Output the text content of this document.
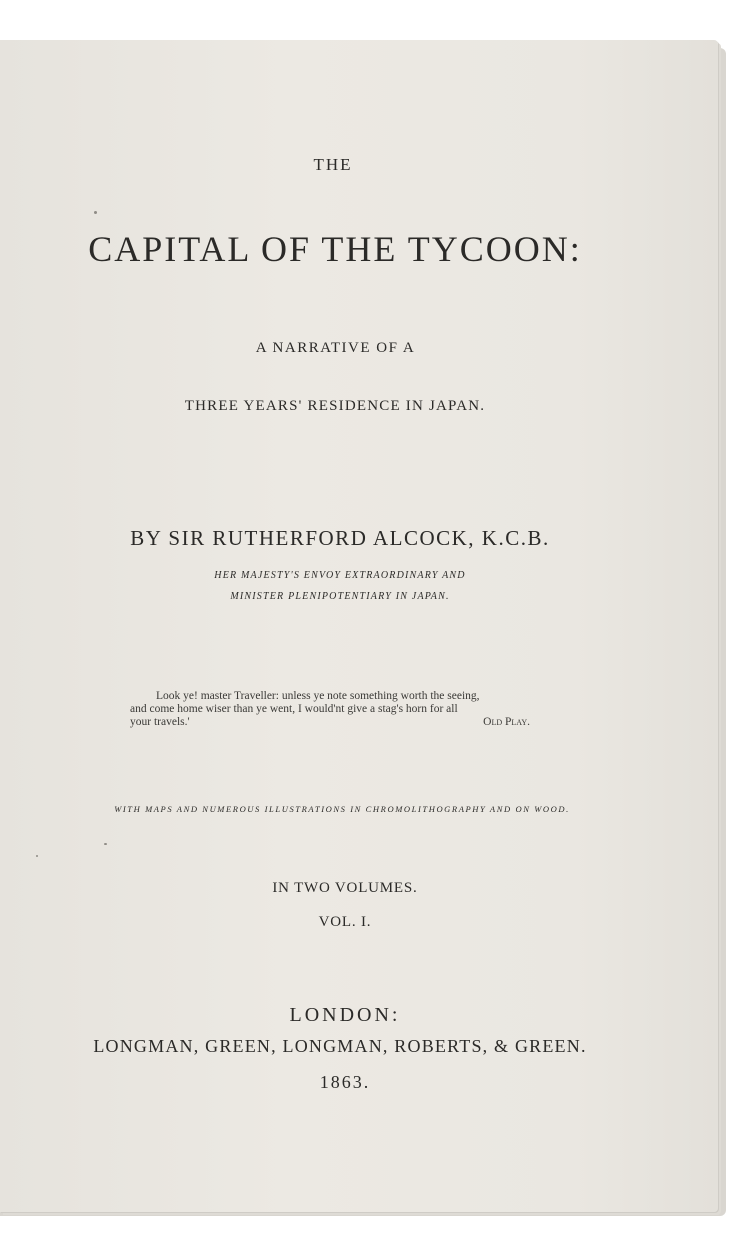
THE

CAPITAL OF THE TYCOON:

A NARRATIVE OF A

THREE YEARS' RESIDENCE IN JAPAN.

BY SIR RUTHERFORD ALCOCK, K.C.B.

HER MAJESTY'S ENVOY EXTRAORDINARY AND

MINISTER PLENIPOTENTIARY IN JAPAN.

Look ye! master Traveller: unless ye note something worth the seeing,
and come home wiser than ye went, I would'nt give a stag's horn for all
your travels.'	Old Play.

WITH MAPS AND NUMEROUS ILLUSTRATIONS IN CHROMOLITHOGRAPHY AND ON WOOD.

IN TWO VOLUMES.

VOL. I.

LONDON:

LONGMAN, GREEN, LONGMAN, ROBERTS, & GREEN.

1863.
